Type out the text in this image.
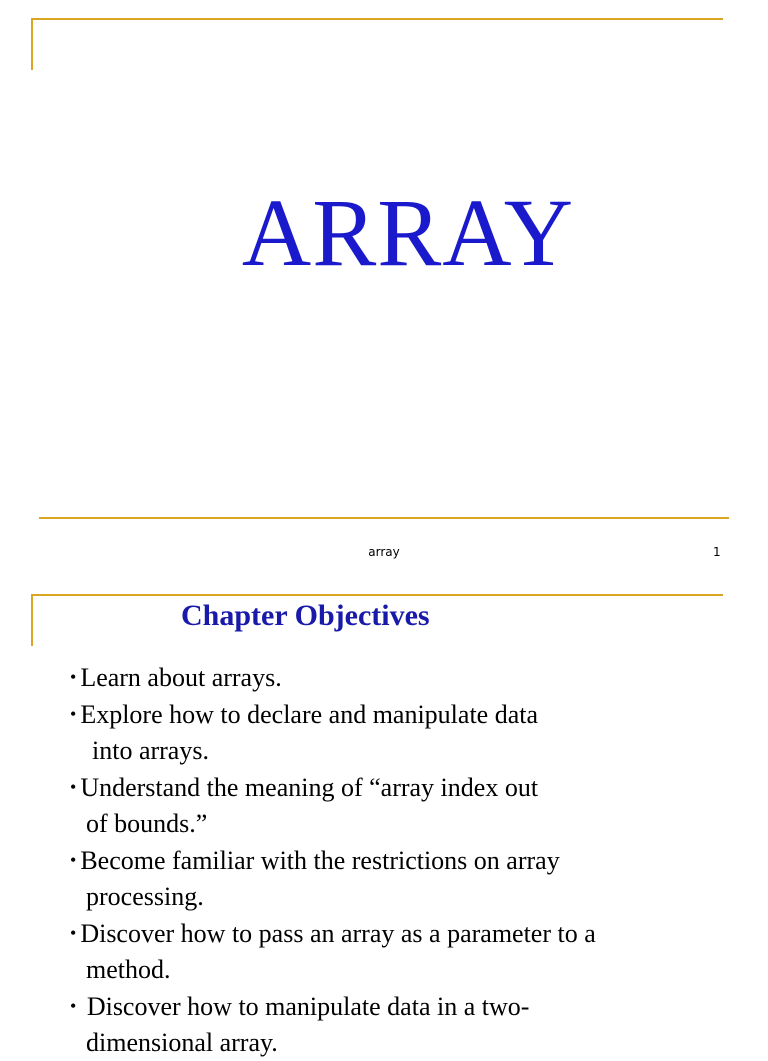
ARRAY
array	1
Chapter Objectives
• Learn about arrays.
• Explore how to declare and manipulate data
into arrays.
• Understand the meaning of “array index out
of bounds.”
• Become familiar with the restrictions on array
processing.
• Discover how to pass an array as a parameter to a
method.
• Discover how to manipulate data in a two-
dimensional array.
